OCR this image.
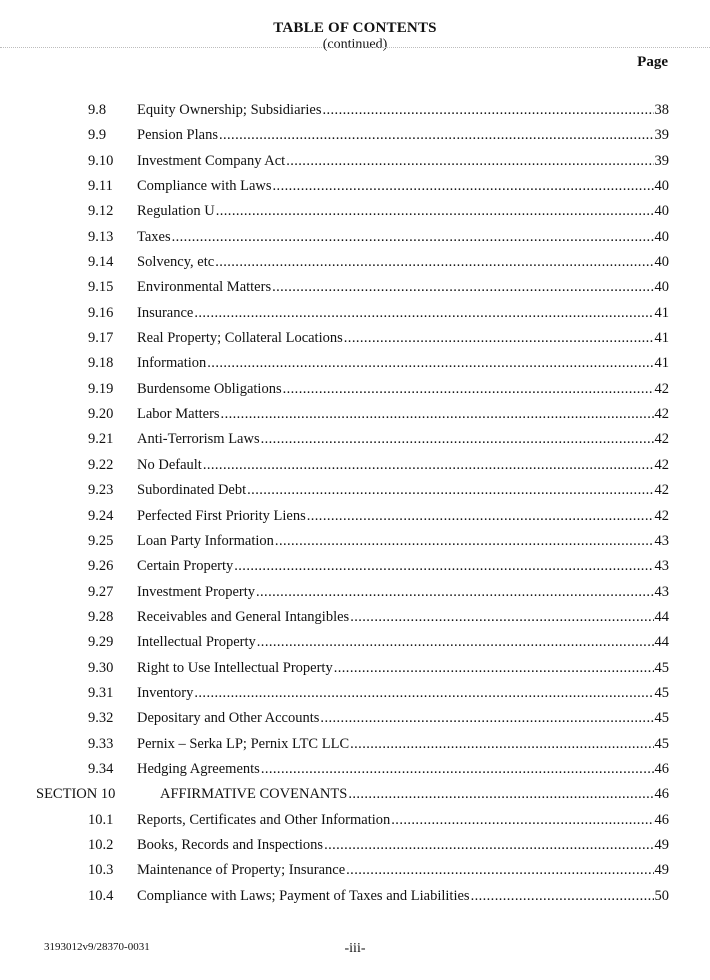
TABLE OF CONTENTS
(continued)
Page
9.8 Equity Ownership; Subsidiaries .....	38
9.9 Pension Plans .....	39
9.10 Investment Company Act .....	39
9.11 Compliance with Laws .....	40
9.12 Regulation U .....	40
9.13 Taxes .....	40
9.14 Solvency, etc .....	40
9.15 Environmental Matters .....	40
9.16 Insurance .....	41
9.17 Real Property; Collateral Locations .....	41
9.18 Information .....	41
9.19 Burdensome Obligations .....	42
9.20 Labor Matters .....	42
9.21 Anti-Terrorism Laws .....	42
9.22 No Default .....	42
9.23 Subordinated Debt .....	42
9.24 Perfected First Priority Liens .....	42
9.25 Loan Party Information .....	43
9.26 Certain Property .....	43
9.27 Investment Property .....	43
9.28 Receivables and General Intangibles .....	44
9.29 Intellectual Property .....	44
9.30 Right to Use Intellectual Property .....	45
9.31 Inventory .....	45
9.32 Depositary and Other Accounts .....	45
9.33 Pernix – Serka LP; Pernix LTC LLC .....	45
9.34 Hedging Agreements .....	46
SECTION 10	AFFIRMATIVE COVENANTS .....	46
10.1 Reports, Certificates and Other Information .....	46
10.2 Books, Records and Inspections .....	49
10.3 Maintenance of Property; Insurance .....	49
10.4 Compliance with Laws; Payment of Taxes and Liabilities .....	50
3193012v9/28370-0031	-iii-
